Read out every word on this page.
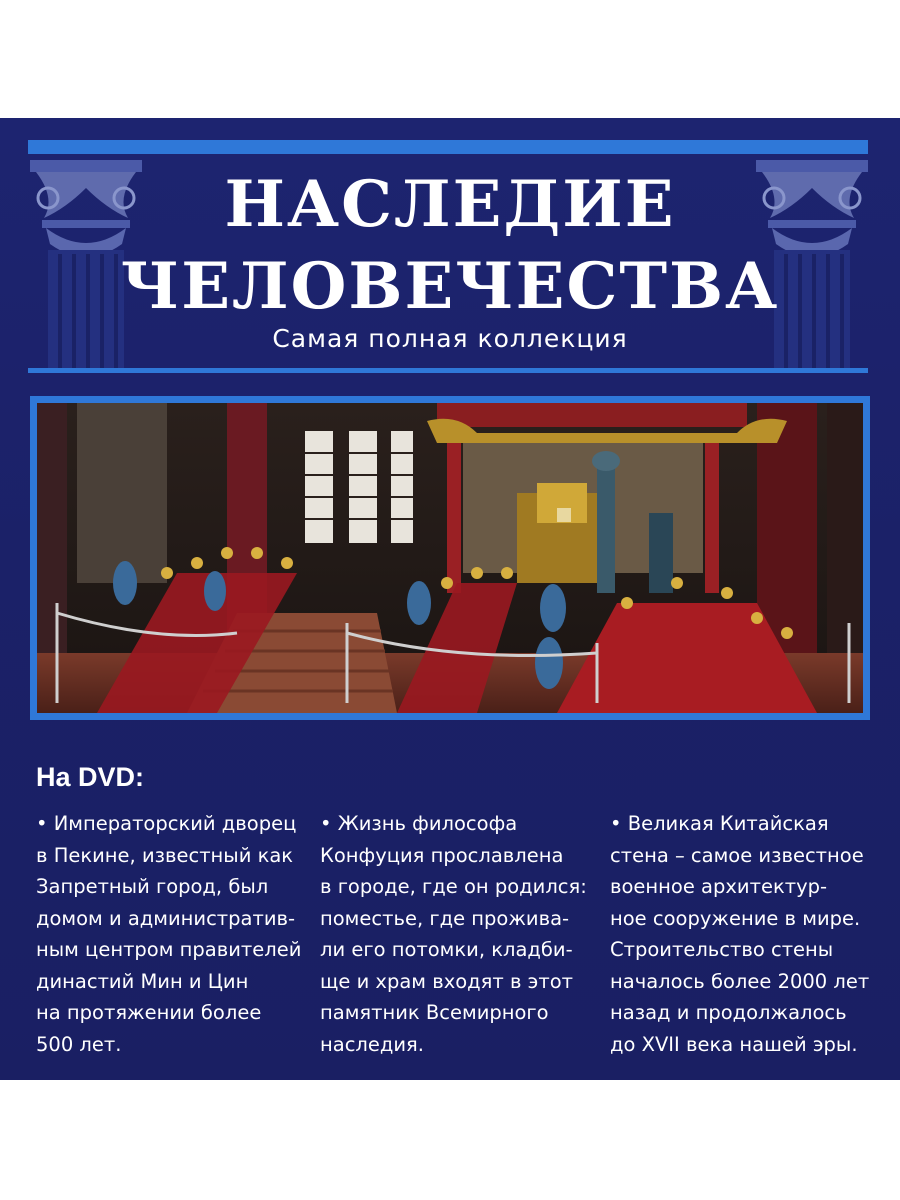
НАСЛЕДИЕ
ЧЕЛОВЕЧЕСТВА
Самая полная коллекция
На DVD:
• Императорский дворец
в Пекине, известный как
Запретный город, был
домом и административ-
ным центром правителей
династий Мин и Цин
на протяжении более
500 лет.
• Жизнь философа
Конфуция прославлена
в городе, где он родился:
поместье, где прожива-
ли его потомки, кладби-
ще и храм входят в этот
памятник Всемирного
наследия.
• Великая Китайская
стена – самое известное
военное архитектур-
ное сооружение в мире.
Строительство стены
началось более 2000 лет
назад и продолжалось
до XVII века нашей эры.
